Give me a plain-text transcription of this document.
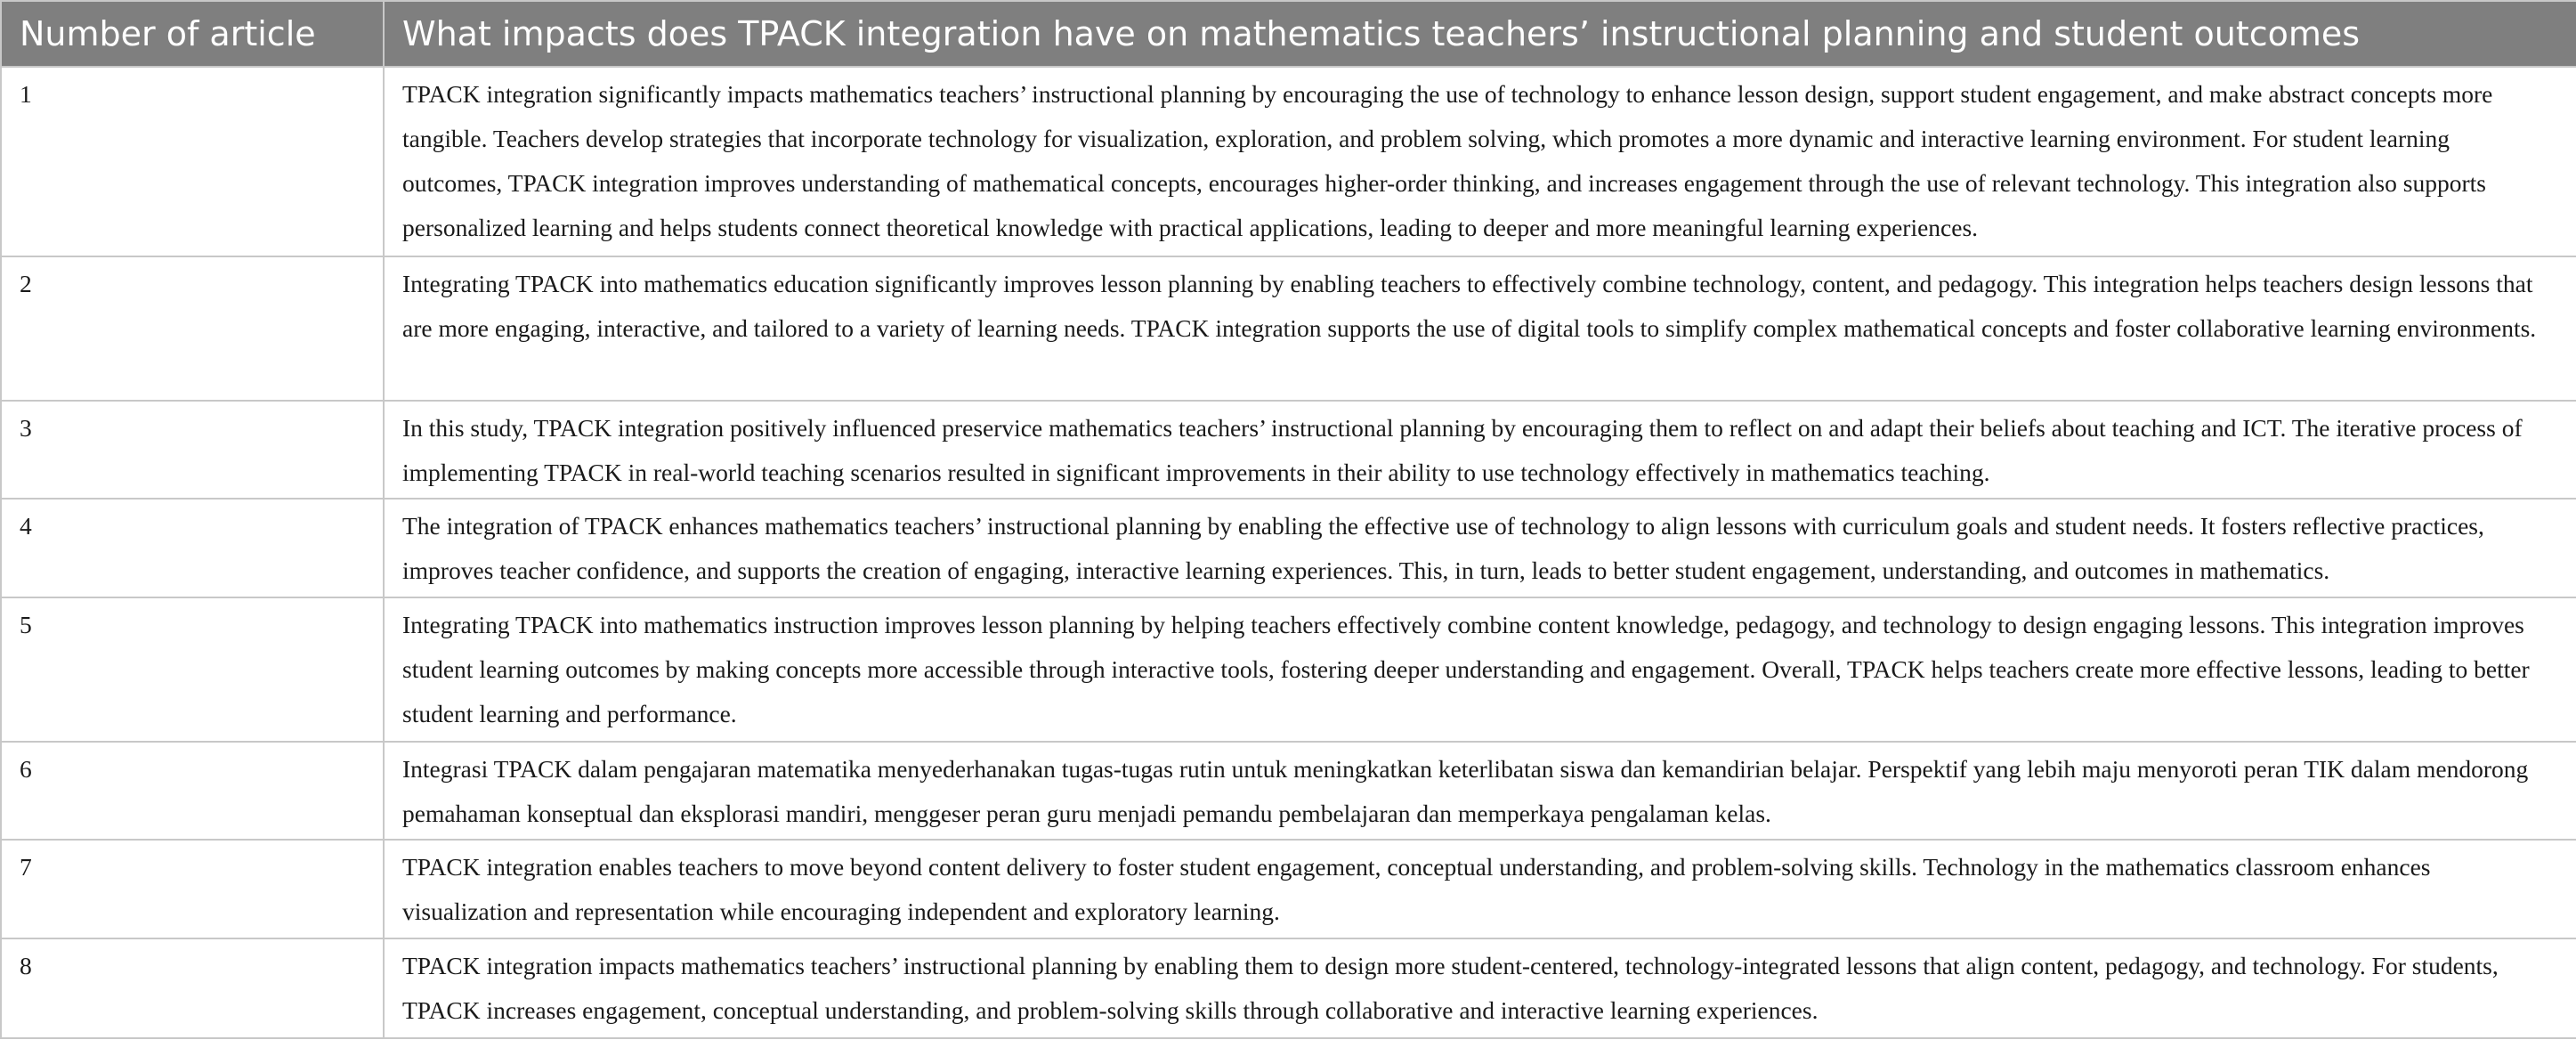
Number of article	What impacts does TPACK integration have on mathematics teachers’ instructional planning and student outcomes
1	TPACK integration significantly impacts mathematics teachers’ instructional planning by encouraging the use of technology to enhance lesson design, support student engagement, and make abstract concepts more tangible. Teachers develop strategies that incorporate technology for visualization, exploration, and problem solving, which promotes a more dynamic and interactive learning environment. For student learning outcomes, TPACK integration improves understanding of mathematical concepts, encourages higher-order thinking, and increases engagement through the use of relevant technology. This integration also supports personalized learning and helps students connect theoretical knowledge with practical applications, leading to deeper and more meaningful learning experiences.
2	Integrating TPACK into mathematics education significantly improves lesson planning by enabling teachers to effectively combine technology, content, and pedagogy. This integration helps teachers design lessons that are more engaging, interactive, and tailored to a variety of learning needs. TPACK integration supports the use of digital tools to simplify complex mathematical concepts and foster collaborative learning environments.
3	In this study, TPACK integration positively influenced preservice mathematics teachers’ instructional planning by encouraging them to reflect on and adapt their beliefs about teaching and ICT. The iterative process of implementing TPACK in real-world teaching scenarios resulted in significant improvements in their ability to use technology effectively in mathematics teaching.
4	The integration of TPACK enhances mathematics teachers’ instructional planning by enabling the effective use of technology to align lessons with curriculum goals and student needs. It fosters reflective practices, improves teacher confidence, and supports the creation of engaging, interactive learning experiences. This, in turn, leads to better student engagement, understanding, and outcomes in mathematics.
5	Integrating TPACK into mathematics instruction improves lesson planning by helping teachers effectively combine content knowledge, pedagogy, and technology to design engaging lessons. This integration improves student learning outcomes by making concepts more accessible through interactive tools, fostering deeper understanding and engagement. Overall, TPACK helps teachers create more effective lessons, leading to better student learning and performance.
6	Integrasi TPACK dalam pengajaran matematika menyederhanakan tugas-tugas rutin untuk meningkatkan keterlibatan siswa dan kemandirian belajar. Perspektif yang lebih maju menyoroti peran TIK dalam mendorong pemahaman konseptual dan eksplorasi mandiri, menggeser peran guru menjadi pemandu pembelajaran dan memperkaya pengalaman kelas.
7	TPACK integration enables teachers to move beyond content delivery to foster student engagement, conceptual understanding, and problem-solving skills. Technology in the mathematics classroom enhances visualization and representation while encouraging independent and exploratory learning.
8	TPACK integration impacts mathematics teachers’ instructional planning by enabling them to design more student-centered, technology-integrated lessons that align content, pedagogy, and technology. For students, TPACK increases engagement, conceptual understanding, and problem-solving skills through collaborative and interactive learning experiences.
